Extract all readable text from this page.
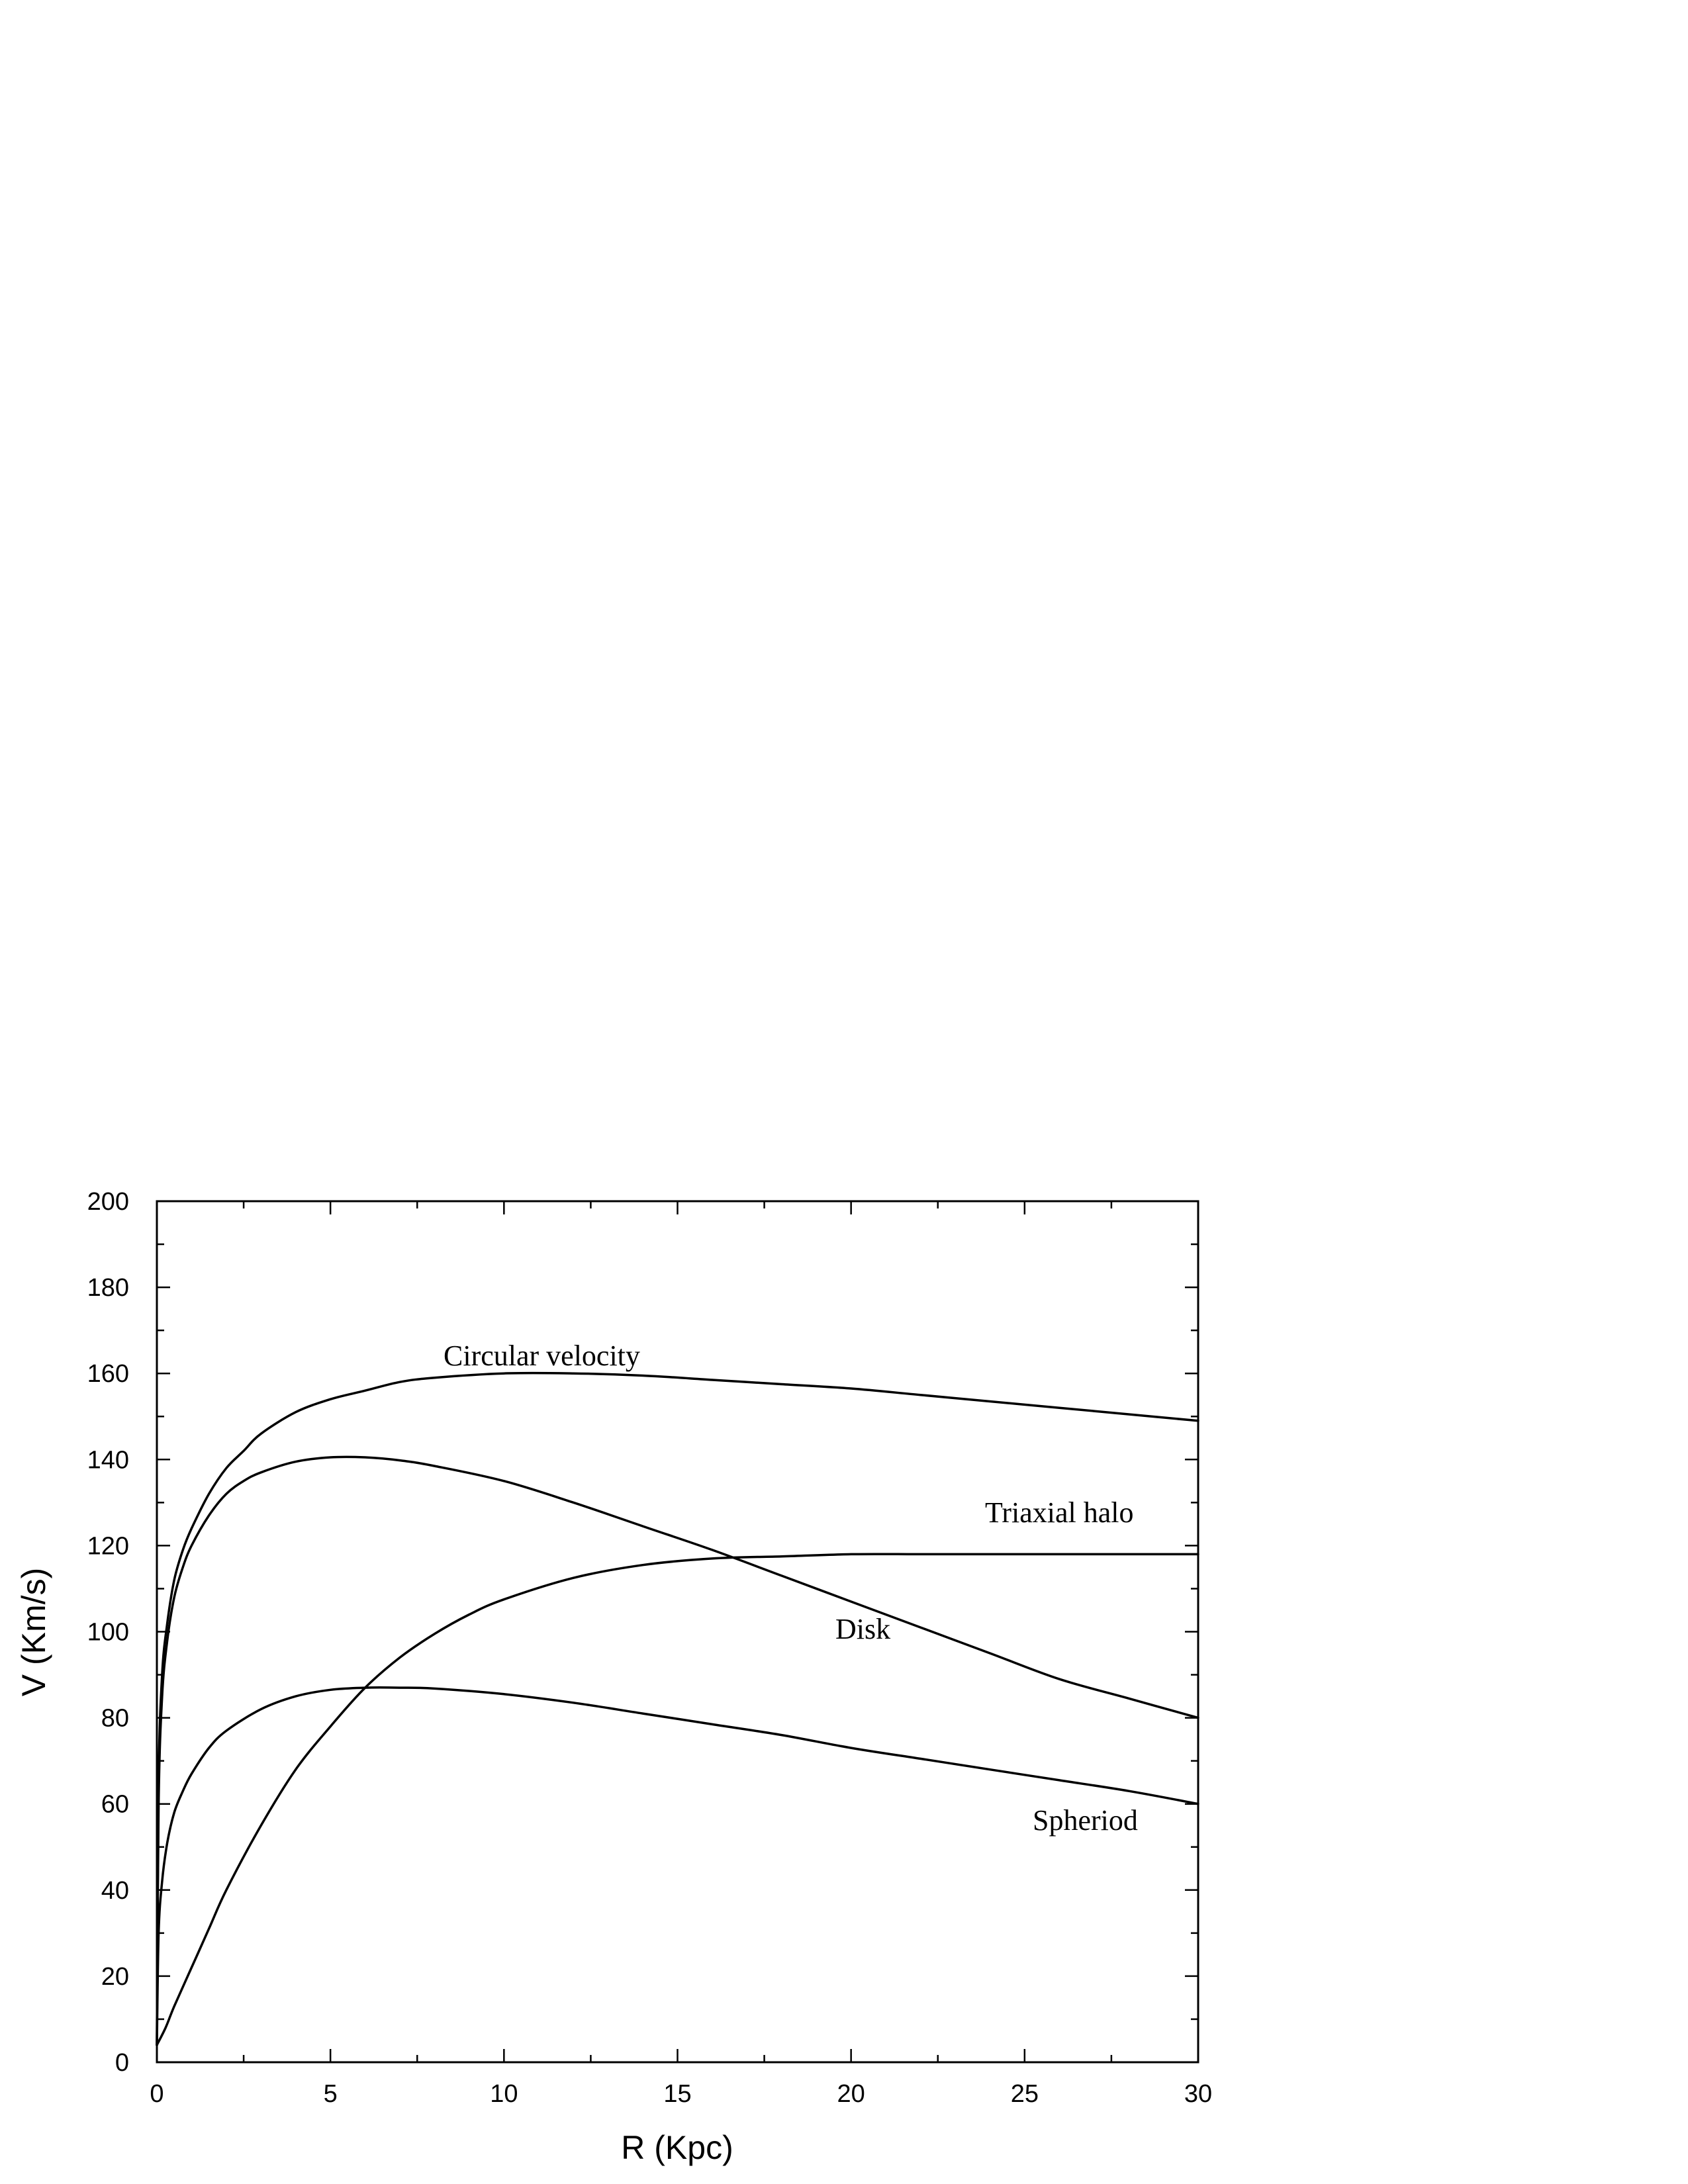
0	5	10	15	20	25	30
0
20
40
60
80
100
120
140
160
180
200
R (Kpc)
V (Km/s)
Circular velocity
Triaxial halo
Disk
Spheriod
